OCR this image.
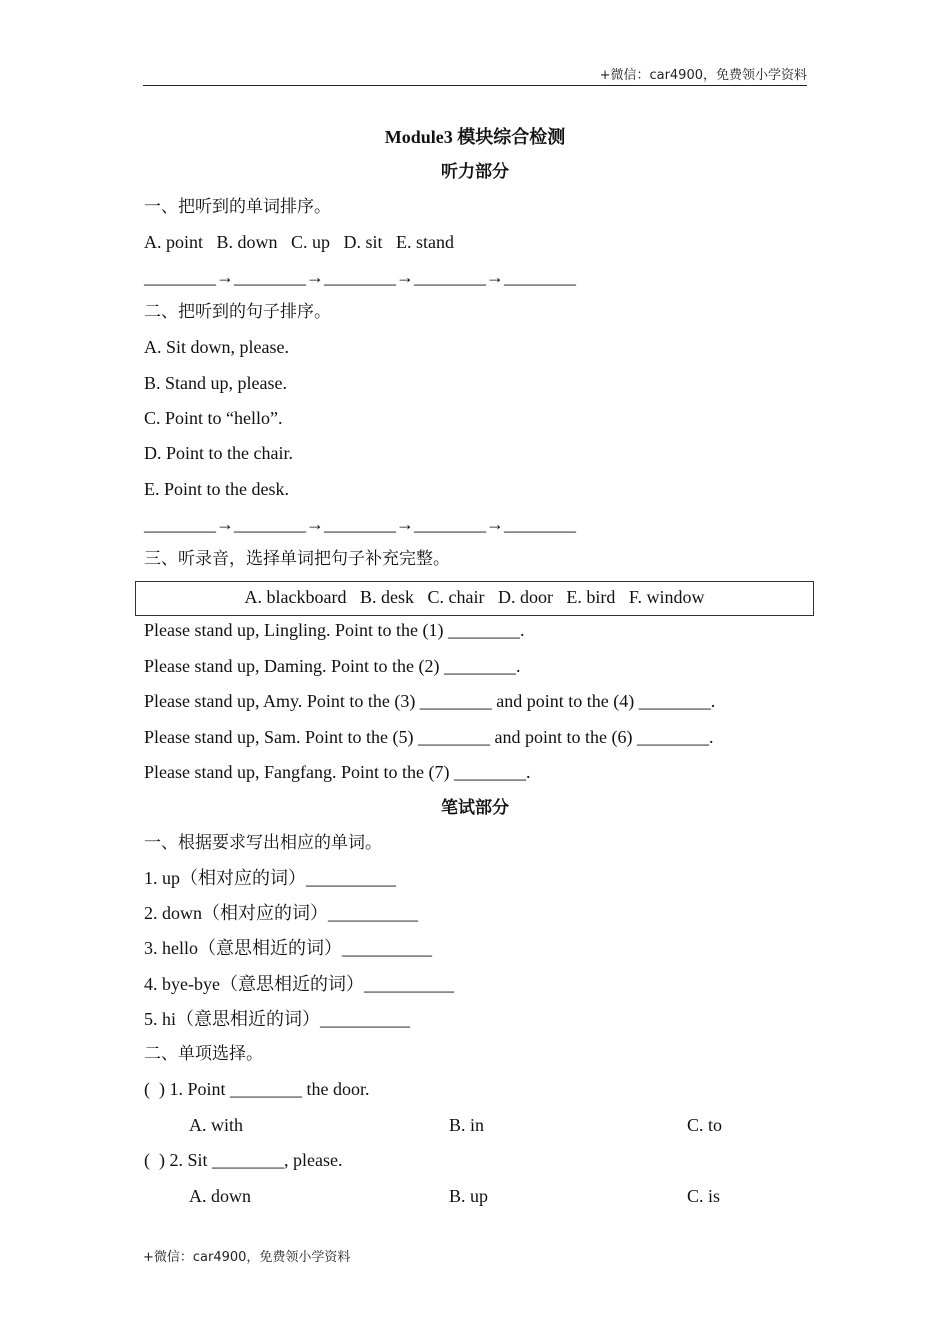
+微信：car4900，免费领小学资料
Module3 模块综合检测
听力部分
一、把听到的单词排序。
A. point   B. down   C. up   D. sit   E. stand
________→________→________→________→________
二、把听到的句子排序。
A. Sit down, please.
B. Stand up, please.
C. Point to “hello”.
D. Point to the chair.
E. Point to the desk.
________→________→________→________→________
三、听录音，选择单词把句子补充完整。
A. blackboard   B. desk   C. chair   D. door   E. bird   F. window
Please stand up, Lingling. Point to the (1) ________.
Please stand up, Daming. Point to the (2) ________.
Please stand up, Amy. Point to the (3) ________ and point to the (4) ________.
Please stand up, Sam. Point to the (5) ________ and point to the (6) ________.
Please stand up, Fangfang. Point to the (7) ________.
笔试部分
一、根据要求写出相应的单词。
1. up（相对应的词）__________
2. down（相对应的词）__________
3. hello（意思相近的词）__________
4. bye-bye（意思相近的词）__________
5. hi（意思相近的词）__________
二、单项选择。
(  ) 1. Point ________ the door.
A. with	B. in	C. to
(  ) 2. Sit ________, please.
A. down	B. up	C. is
+微信：car4900，免费领小学资料
